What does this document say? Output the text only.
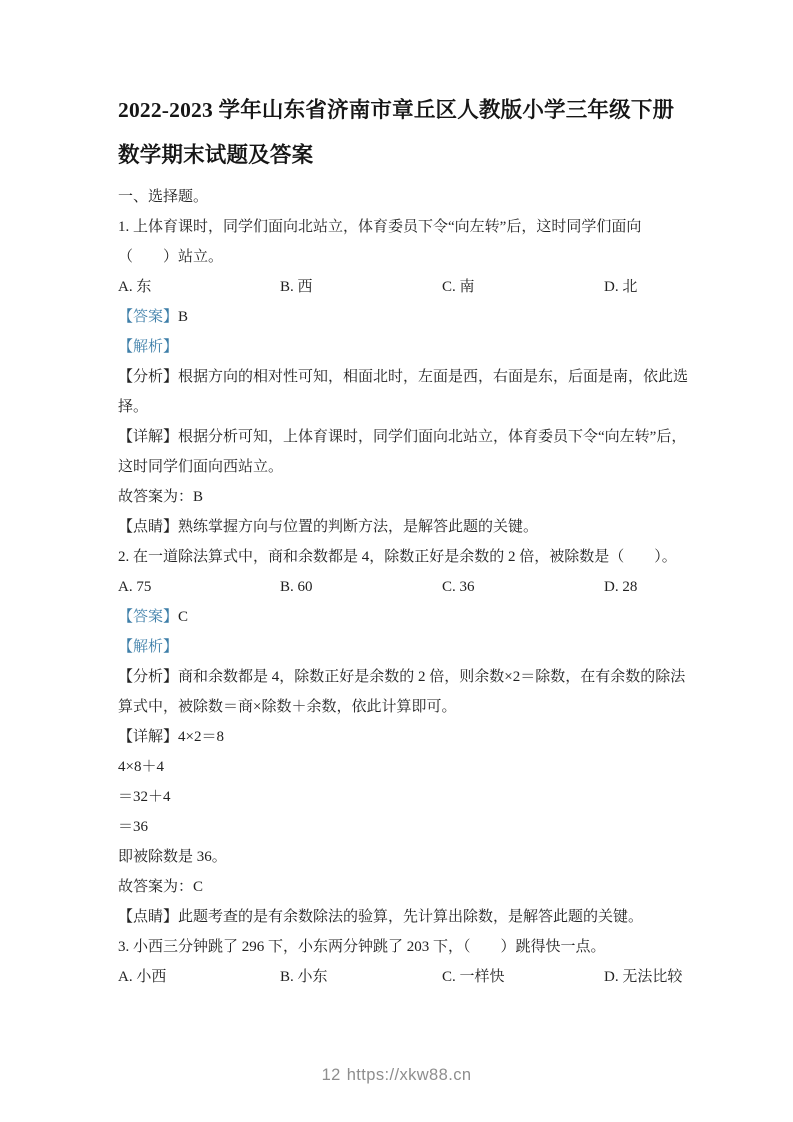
2022-2023 学年山东省济南市章丘区人教版小学三年级下册数学期末试题及答案

一、选择题。

1. 上体育课时，同学们面向北站立，体育委员下令“向左转”后，这时同学们面向（　　）站立。

A. 东	B. 西	C. 南	D. 北

【答案】B

【解析】

【分析】根据方向的相对性可知，相面北时，左面是西，右面是东，后面是南，依此选择。

【详解】根据分析可知，上体育课时，同学们面向北站立，体育委员下令“向左转”后，这时同学们面向西站立。

故答案为：B

【点睛】熟练掌握方向与位置的判断方法，是解答此题的关键。

2. 在一道除法算式中，商和余数都是 4，除数正好是余数的 2 倍，被除数是（　　）。

A. 75	B. 60	C. 36	D. 28

【答案】C

【解析】

【分析】商和余数都是 4，除数正好是余数的 2 倍，则余数×2＝除数，在有余数的除法算式中，被除数＝商×除数＋余数，依此计算即可。

【详解】4×2＝8

4×8＋4

＝32＋4

＝36

即被除数是 36。

故答案为：C

【点睛】此题考查的是有余数除法的验算，先计算出除数，是解答此题的关键。

3. 小西三分钟跳了 296 下，小东两分钟跳了 203 下，（　　）跳得快一点。

A. 小西	B. 小东	C. 一样快	D. 无法比较

12 https://xkw88.cn
